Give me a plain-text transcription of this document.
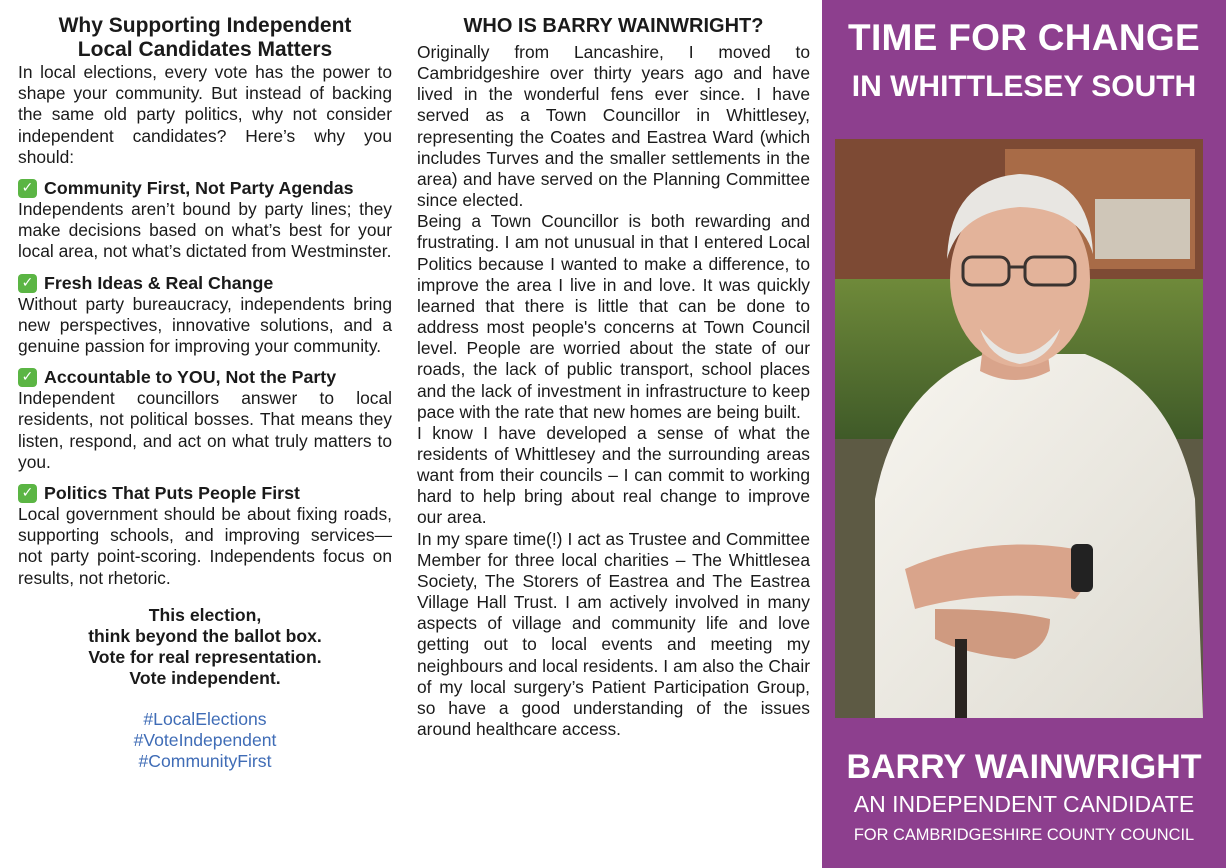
Why Supporting Independent
Local Candidates Matters

In local elections, every vote has the power to shape your community. But instead of backing the same old party politics, why not consider independent candidates? Here’s why you should:

✓ Community First, Not Party Agendas

Independents aren’t bound by party lines; they make decisions based on what’s best for your local area, not what’s dictated from Westminster.

✓ Fresh Ideas & Real Change

Without party bureaucracy, independents bring new perspectives, innovative solutions, and a genuine passion for improving your community.

✓ Accountable to YOU, Not the Party

Independent councillors answer to local residents, not political bosses. That means they listen, respond, and act on what truly matters to you.

✓ Politics That Puts People First

Local government should be about fixing roads, supporting schools, and improving services—not party point-scoring. Independents focus on results, not rhetoric.

This election,
think beyond the ballot box.
Vote for real representation.
Vote independent.
#LocalElections
#VoteIndependent
#CommunityFirst
WHO IS BARRY WAINWRIGHT?

Originally from Lancashire, I moved to Cambridgeshire over thirty years ago and have lived in the wonderful fens ever since. I have served as a Town Councillor in Whittlesey, representing the Coates and Eastrea Ward (which includes Turves and the smaller settlements in the area) and have served on the Planning Committee since elected.

Being a Town Councillor is both rewarding and frustrating. I am not unusual in that I entered Local Politics because I wanted to make a difference, to improve the area I live in and love. It was quickly learned that there is little that can be done to address most people's concerns at Town Council level. People are worried about the state of our roads, the lack of public transport, school places and the lack of investment in infrastructure to keep pace with the rate that new homes are being built.

I know I have developed a sense of what the residents of Whittlesey and the surrounding areas want from their councils – I can commit to working hard to help bring about real change to improve our area.

In my spare time(!) I act as Trustee and Committee Member for three local charities – The Whittlesea Society, The Storers of Eastrea and The Eastrea Village Hall Trust. I am actively involved in many aspects of village and community life and love getting out to local events and meeting my neighbours and local residents. I am also the Chair of my local surgery’s Patient Participation Group, so have a good understanding of the issues around healthcare access.

TIME FOR CHANGE
IN WHITTLESEY SOUTH
BARRY WAINWRIGHT
AN INDEPENDENT CANDIDATE
FOR CAMBRIDGESHIRE COUNTY COUNCIL
